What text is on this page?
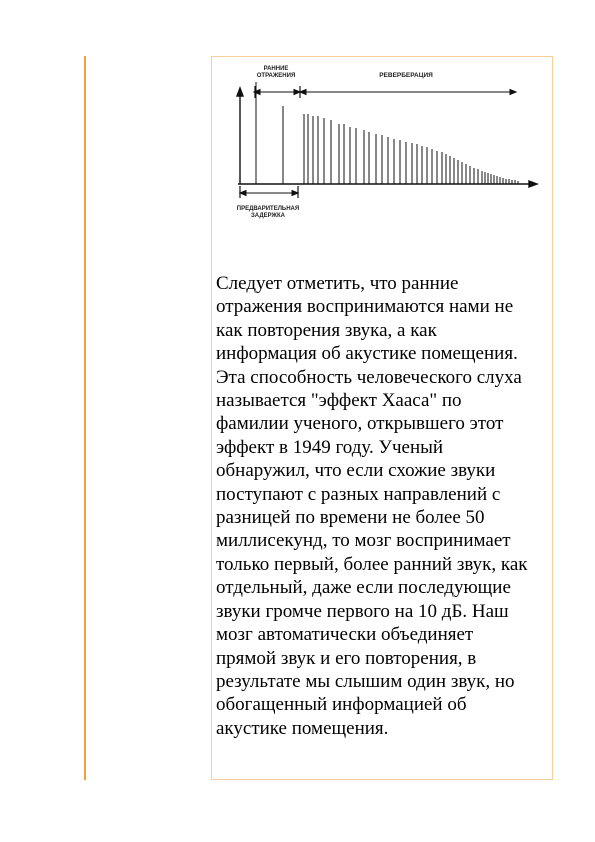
РАННИЕ
ОТРАЖЕНИЯ	РЕВЕРБЕРАЦИЯ
ПРЕДВАРИТЕЛЬНАЯ
ЗАДЕРЖКА
Следует отметить, что ранние
отражения воспринимаются нами не
как повторения звука, а как
информация об акустике помещения.
Эта способность человеческого слуха
называется "эффект Хааса" по
фамилии ученого, открывшего этот
эффект в 1949 году. Ученый
обнаружил, что если схожие звуки
поступают с разных направлений с
разницей по времени не более 50
миллисекунд, то мозг воспринимает
только первый, более ранний звук, как
отдельный, даже если последующие
звуки громче первого на 10 дБ. Наш
мозг автоматически объединяет
прямой звук и его повторения, в
результате мы слышим один звук, но
обогащенный информацией об
акустике помещения.
